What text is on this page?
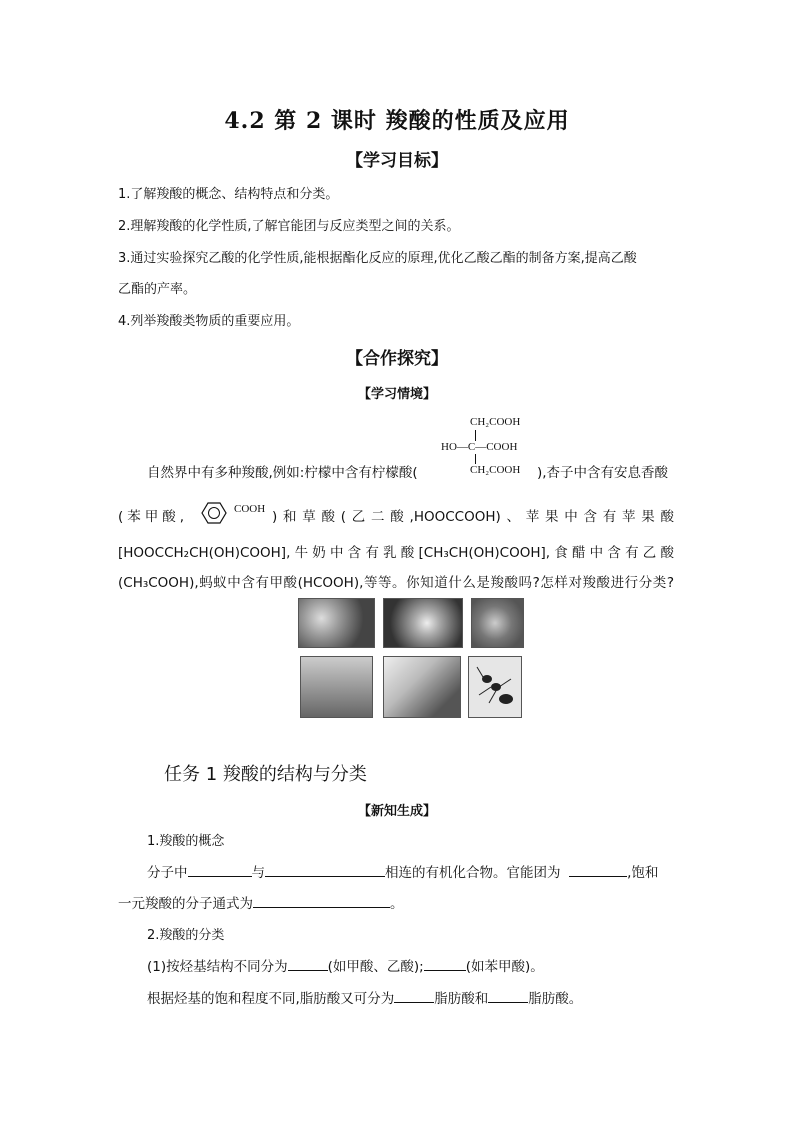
4.2 第 2 课时 羧酸的性质及应用
【学习目标】
1.了解羧酸的概念、结构特点和分类。
2.理解羧酸的化学性质,了解官能团与反应类型之间的关系。
3.通过实验探究乙酸的化学性质,能根据酯化反应的原理,优化乙酸乙酯的制备方案,提高乙酸
乙酯的产率。
4.列举羧酸类物质的重要应用。
【合作探究】
【学习情境】
CH₂COOH
HO—C—COOH
CH₂COOH
自然界中有多种羧酸,例如:柠檬中含有柠檬酸(	),杏子中含有安息香酸
(苯甲酸,	COOH )和草酸(乙二酸,HOOCCOOH)、苹果中含有苹果酸
[HOOCCH₂CH(OH)COOH],牛奶中含有乳酸[CH₃CH(OH)COOH],食醋中含有乙酸
(CH₃COOH),蚂蚁中含有甲酸(HCOOH),等等。你知道什么是羧酸吗?怎样对羧酸进行分类?
任务 1 羧酸的结构与分类
【新知生成】
1.羧酸的概念
分子中	与	相连的有机化合物。官能团为	,饱和
一元羧酸的分子通式为	。
2.羧酸的分类
(1)按烃基结构不同分为	(如甲酸、乙酸);	(如苯甲酸)。
根据烃基的饱和程度不同,脂肪酸又可分为	脂肪酸和	脂肪酸。
